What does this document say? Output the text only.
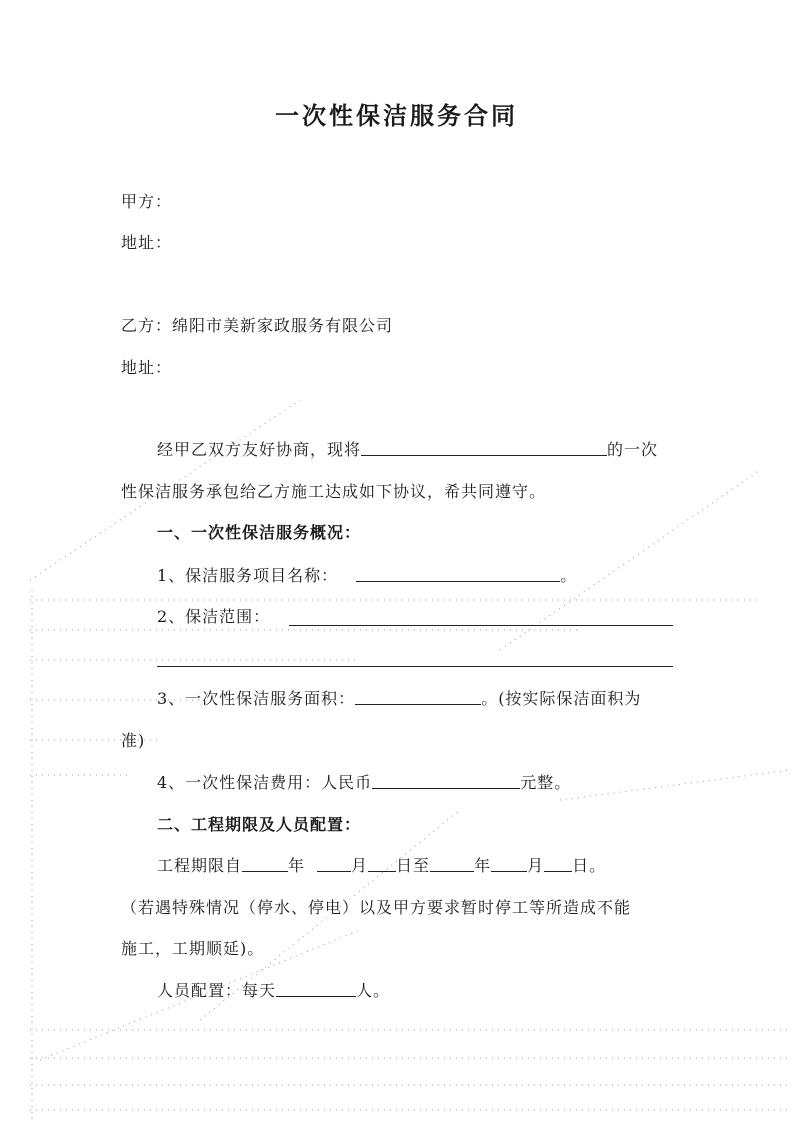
一次性保洁服务合同
甲方：
地址：
乙方：绵阳市美新家政服务有限公司
地址：
经甲乙双方友好协商，现将	的一次
性保洁服务承包给乙方施工达成如下协议，希共同遵守。
一、一次性保洁服务概况：
1、保洁服务项目名称：	。
2、保洁范围：
3、一次性保洁服务面积：	。(按实际保洁面积为
准)
4、一次性保洁费用：人民币	元整。
二、工程期限及人员配置：
工程期限自	年	月 日至	年 月 日。
（若遇特殊情况（停水、停电）以及甲方要求暂时停工等所造成不能
施工，工期顺延)。
人员配置：每天	人。
